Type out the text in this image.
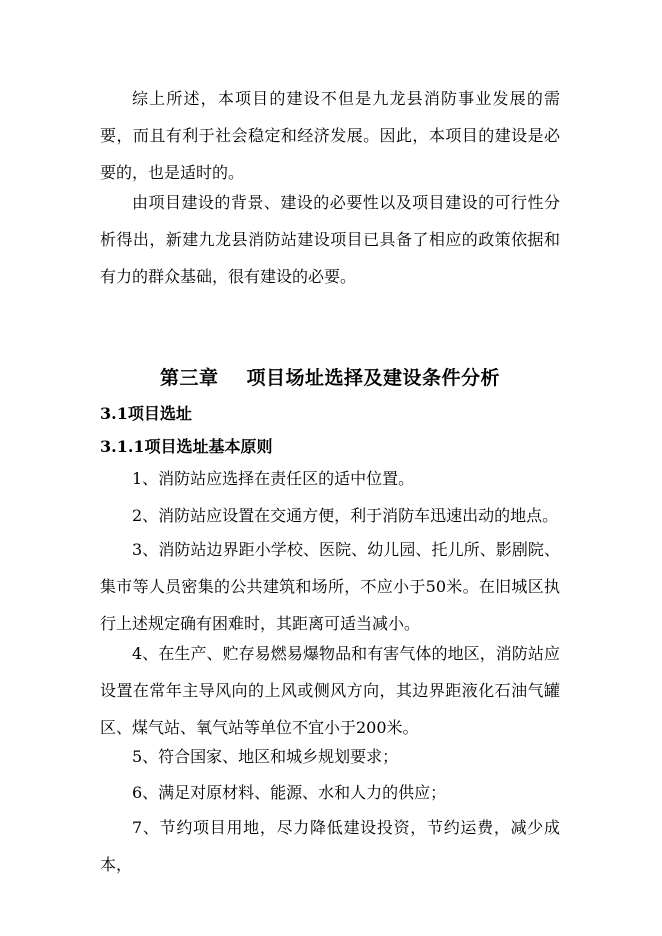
综上所述，本项目的建设不但是九龙县消防事业发展的需要，而且有利于社会稳定和经济发展。因此，本项目的建设是必要的，也是适时的。

由项目建设的背景、建设的必要性以及项目建设的可行性分析得出，新建九龙县消防站建设项目已具备了相应的政策依据和有力的群众基础，很有建设的必要。

第三章 项目场址选择及建设条件分析
3.1项目选址
3.1.1项目选址基本原则

1、消防站应选择在责任区的适中位置。

2、消防站应设置在交通方便，利于消防车迅速出动的地点。

3、消防站边界距小学校、医院、幼儿园、托儿所、影剧院、集市等人员密集的公共建筑和场所，不应小于50米。在旧城区执行上述规定确有困难时，其距离可适当减小。

4、在生产、贮存易燃易爆物品和有害气体的地区，消防站应设置在常年主导风向的上风或侧风方向，其边界距液化石油气罐区、煤气站、氧气站等单位不宜小于200米。

5、符合国家、地区和城乡规划要求；

6、满足对原材料、能源、水和人力的供应；

7、节约项目用地，尽力降低建设投资，节约运费，减少成本，
